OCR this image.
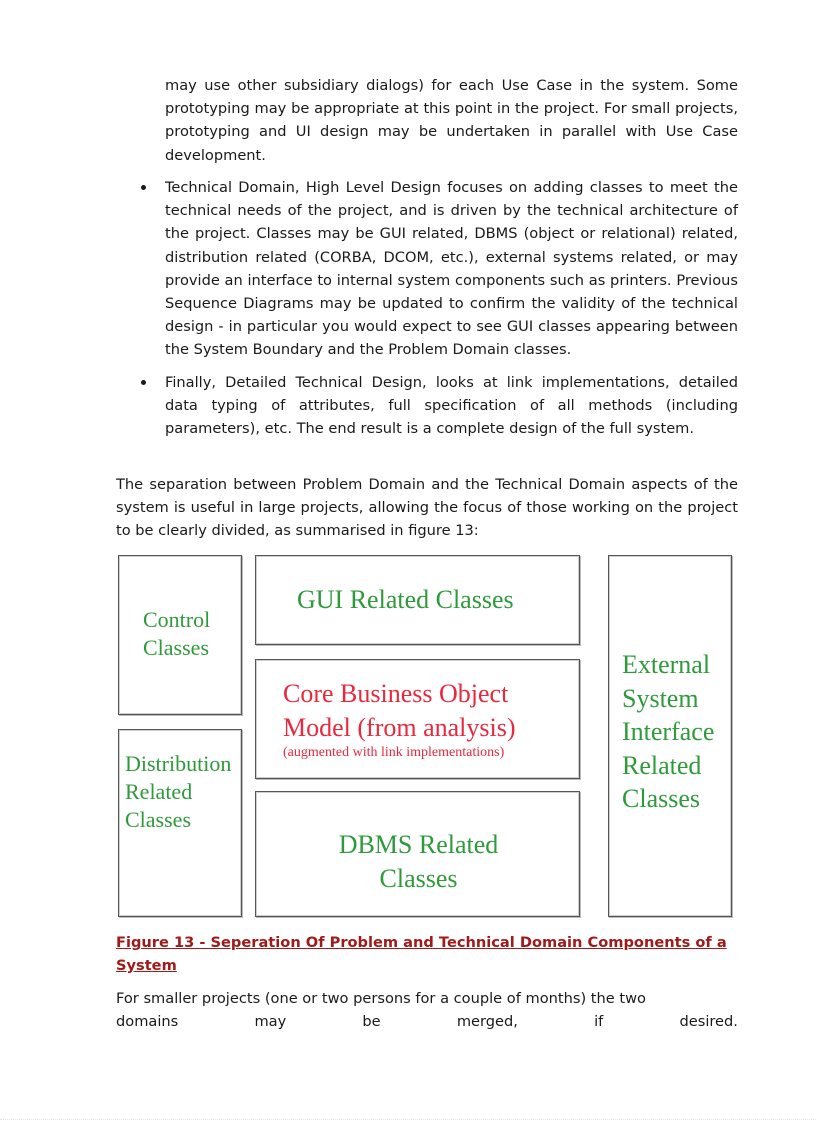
may use other subsidiary dialogs) for each Use Case in the system. Some prototyping may be appropriate at this point in the project. For small projects, prototyping and UI design may be undertaken in parallel with Use Case development.

Technical Domain, High Level Design focuses on adding classes to meet the technical needs of the project, and is driven by the technical architecture of the project. Classes may be GUI related, DBMS (object or relational) related, distribution related (CORBA, DCOM, etc.), external systems related, or may provide an interface to internal system components such as printers. Previous Sequence Diagrams may be updated to confirm the validity of the technical design - in particular you would expect to see GUI classes appearing between the System Boundary and the Problem Domain classes.
Finally, Detailed Technical Design, looks at link implementations, detailed data typing of attributes, full specification of all methods (including parameters), etc. The end result is a complete design of the full system.

The separation between Problem Domain and the Technical Domain aspects of the system is useful in large projects, allowing the focus of those working on the project to be clearly divided, as summarised in figure 13:

Control
Classes
Distribution
Related
Classes
GUI Related Classes
Core Business Object
Model (from analysis)
(augmented with link implementations)
DBMS Related
Classes
External
System
Interface
Related
Classes
Figure 13 - Seperation Of Problem and Technical Domain Components of a System
For smaller projects (one or two persons for a couple of months) the two
domains	may	be	merged,	if	desired.
